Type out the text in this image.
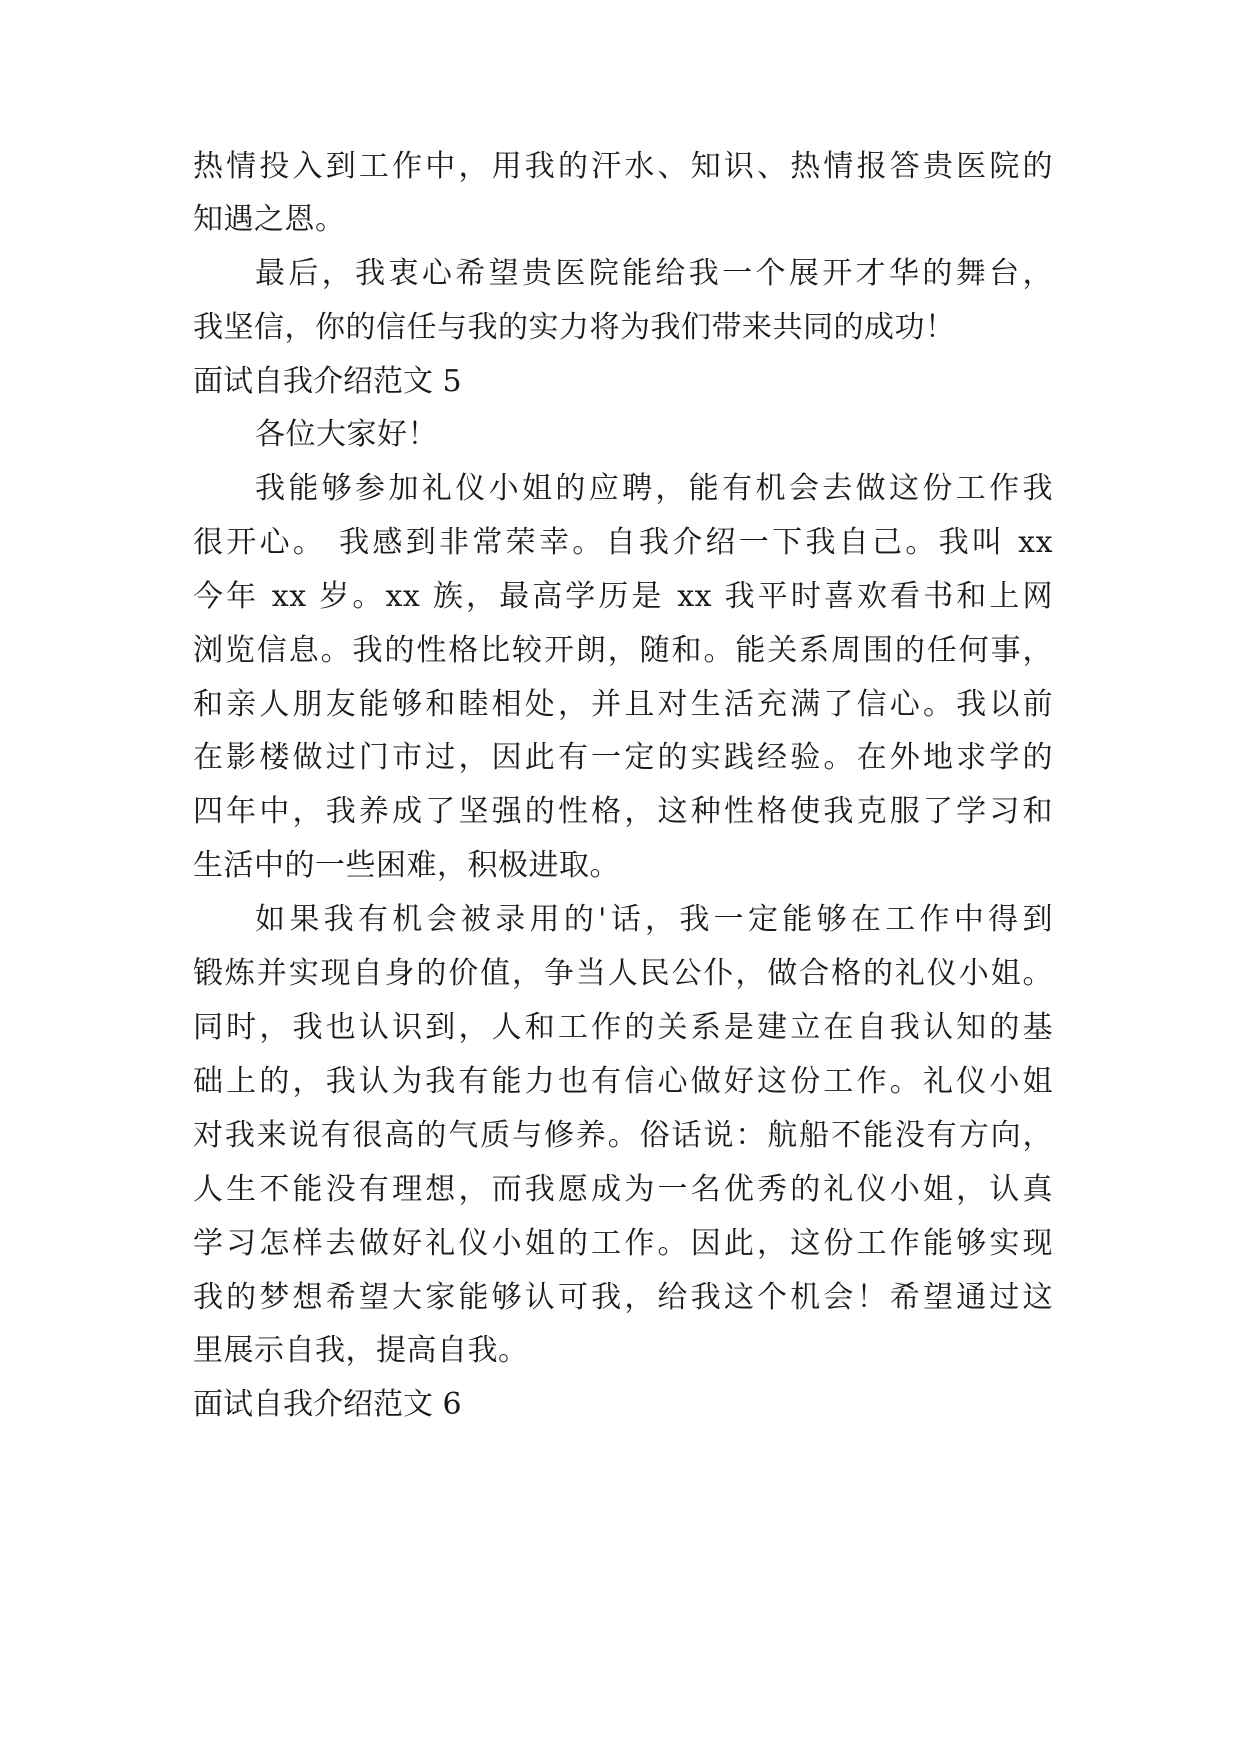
热情投入到工作中，用我的汗水、知识、热情报答贵医院的
知遇之恩。
最后，我衷心希望贵医院能给我一个展开才华的舞台，
我坚信，你的信任与我的实力将为我们带来共同的成功！
面试自我介绍范文 5
各位大家好！
我能够参加礼仪小姐的应聘，能有机会去做这份工作我
很开心。 我感到非常荣幸。自我介绍一下我自己。我叫 xx
今年 xx 岁。xx 族，最高学历是 xx 我平时喜欢看书和上网
浏览信息。我的性格比较开朗，随和。能关系周围的任何事，
和亲人朋友能够和睦相处，并且对生活充满了信心。我以前
在影楼做过门市过，因此有一定的实践经验。在外地求学的
四年中，我养成了坚强的性格，这种性格使我克服了学习和
生活中的一些困难，积极进取。
如果我有机会被录用的'话，我一定能够在工作中得到
锻炼并实现自身的价值，争当人民公仆，做合格的礼仪小姐。
同时，我也认识到，人和工作的关系是建立在自我认知的基
础上的，我认为我有能力也有信心做好这份工作。礼仪小姐
对我来说有很高的气质与修养。俗话说：航船不能没有方向，
人生不能没有理想，而我愿成为一名优秀的礼仪小姐，认真
学习怎样去做好礼仪小姐的工作。因此，这份工作能够实现
我的梦想希望大家能够认可我，给我这个机会！希望通过这
里展示自我，提高自我。
面试自我介绍范文 6
